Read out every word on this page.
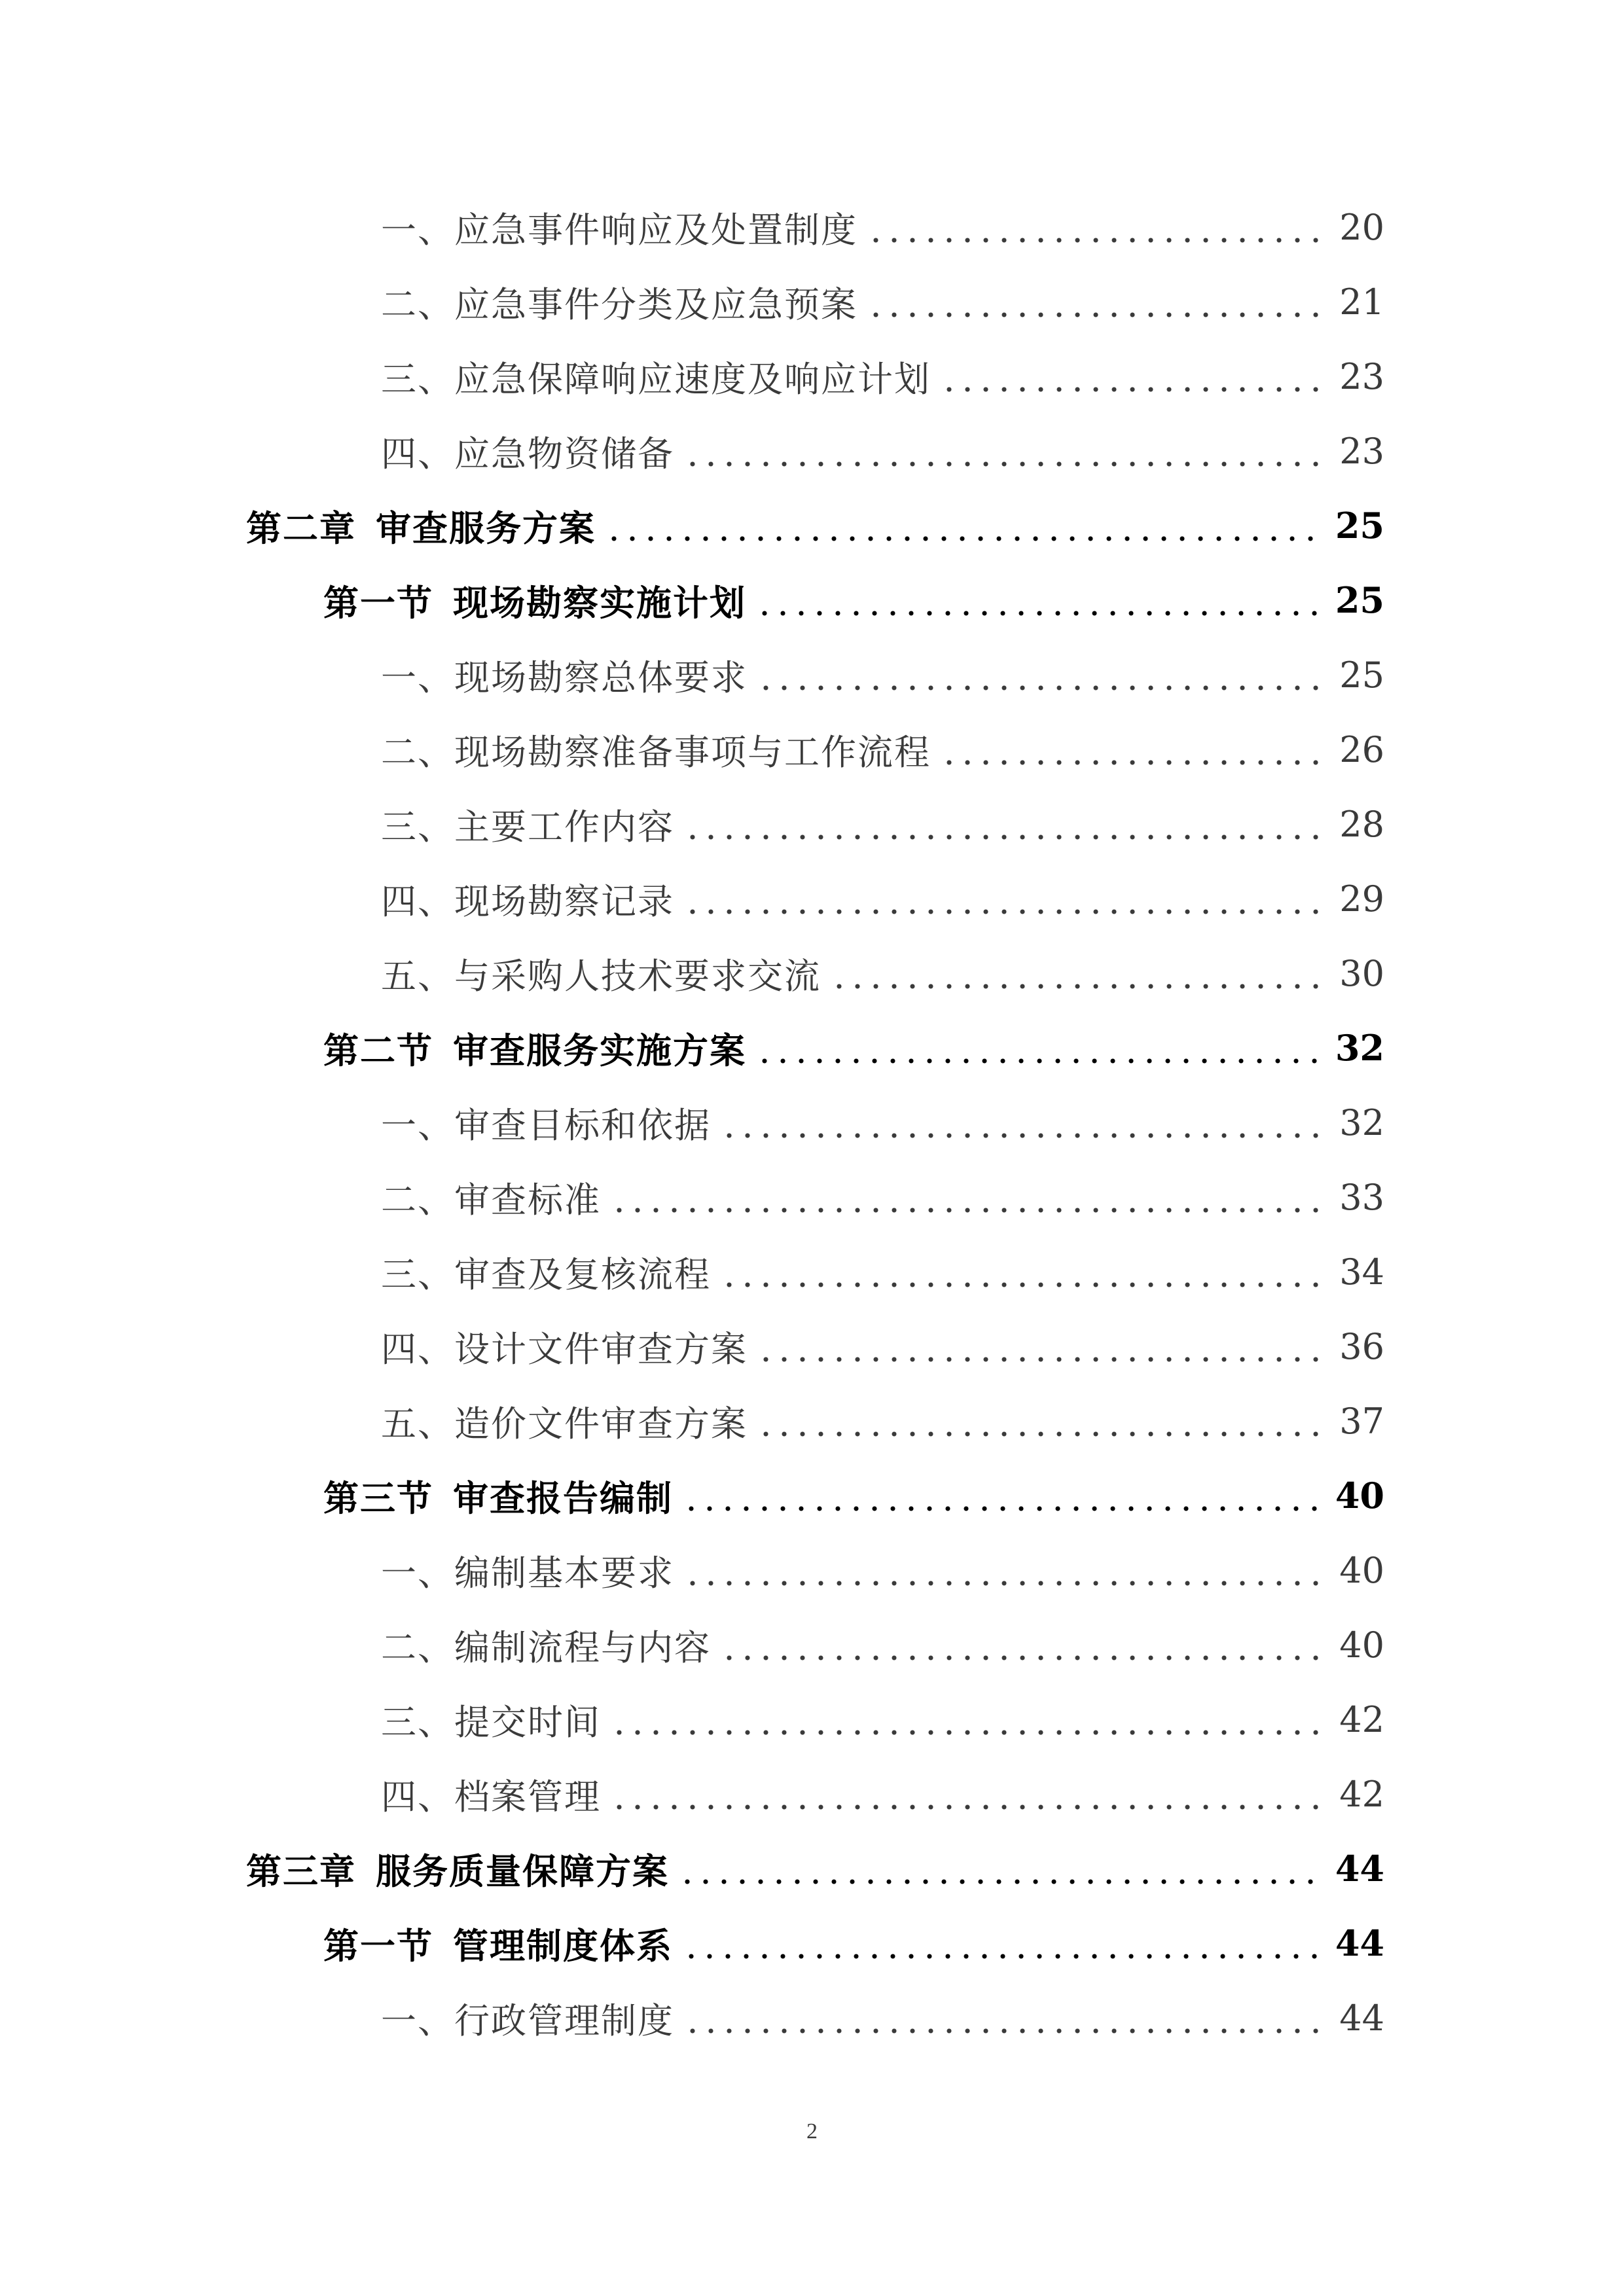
一、应急事件响应及处置制度	20
二、应急事件分类及应急预案	21
三、应急保障响应速度及响应计划	23
四、应急物资储备	23
第二章 审查服务方案	25
第一节 现场勘察实施计划	25
一、现场勘察总体要求	25
二、现场勘察准备事项与工作流程	26
三、主要工作内容	28
四、现场勘察记录	29
五、与采购人技术要求交流	30
第二节 审查服务实施方案	32
一、审查目标和依据	32
二、审查标准	33
三、审查及复核流程	34
四、设计文件审查方案	36
五、造价文件审查方案	37
第三节 审查报告编制	40
一、编制基本要求	40
二、编制流程与内容	40
三、提交时间	42
四、档案管理	42
第三章 服务质量保障方案	44
第一节 管理制度体系	44
一、行政管理制度	44
2
